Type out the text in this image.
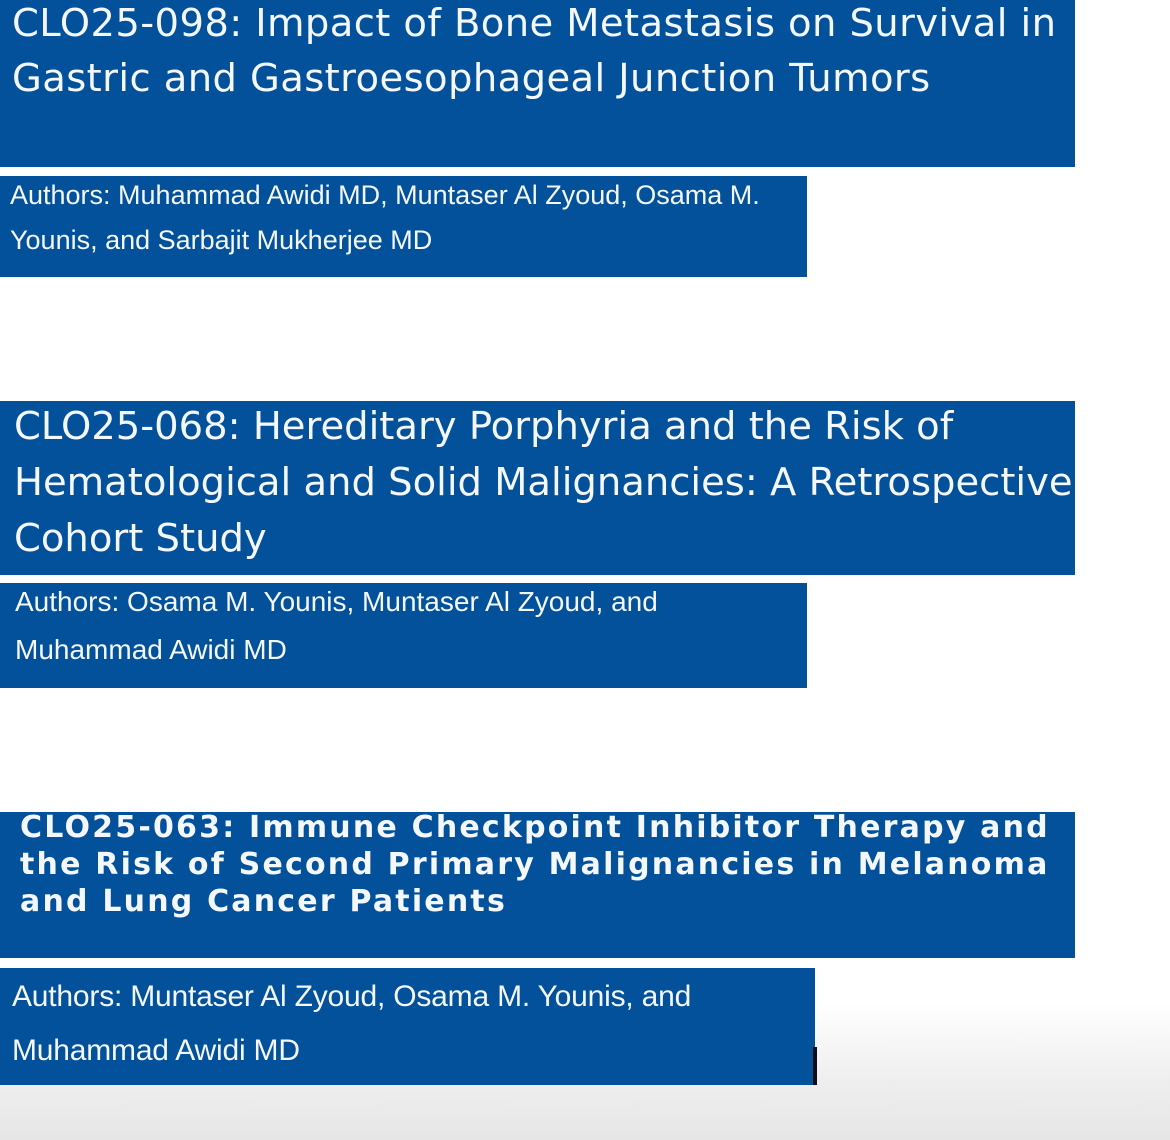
CLO25-098: Impact of Bone Metastasis on Survival in Gastric and Gastroesophageal Junction Tumors
Authors: Muhammad Awidi MD, Muntaser Al Zyoud, Osama M. Younis, and Sarbajit Mukherjee MD
CLO25-068: Hereditary Porphyria and the Risk of Hematological and Solid Malignancies: A Retrospective Cohort Study
Authors: Osama M. Younis, Muntaser Al Zyoud, and Muhammad Awidi MD
CLO25-063: Immune Checkpoint Inhibitor Therapy and the Risk of Second Primary Malignancies in Melanoma and Lung Cancer Patients
Authors: Muntaser Al Zyoud, Osama M. Younis, and Muhammad Awidi MD
